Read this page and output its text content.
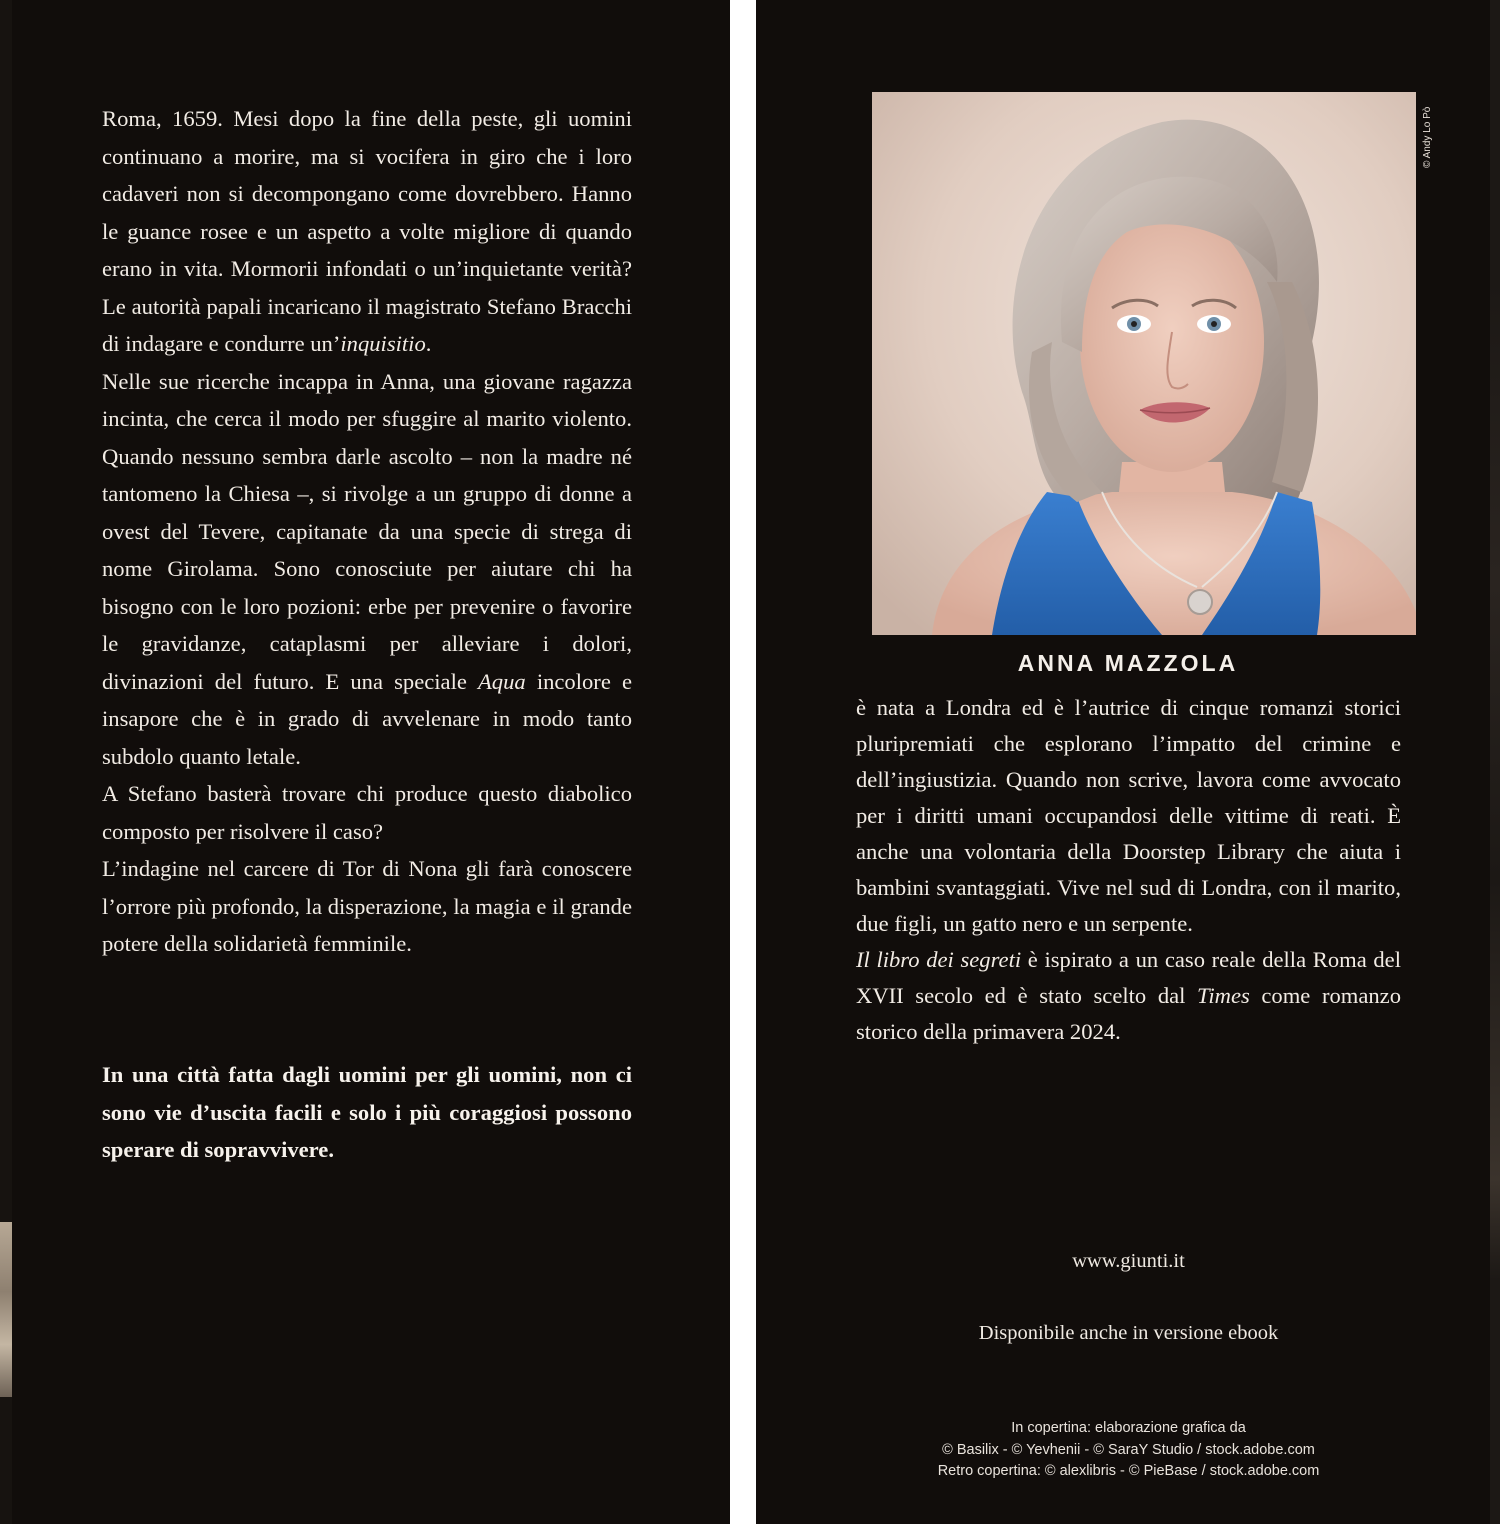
Roma, 1659. Mesi dopo la fine della peste, gli uomini continuano a morire, ma si vocifera in giro che i loro cadaveri non si decompongano come dovrebbero. Hanno le guance rosee e un aspetto a volte migliore di quando erano in vita. Mormorii infondati o un’inquietante verità? Le autorità papali incaricano il magistrato Stefano Bracchi di indagare e condurre un’inquisitio.

Nelle sue ricerche incappa in Anna, una giovane ragazza incinta, che cerca il modo per sfuggire al marito violento. Quando nessuno sembra darle ascolto – non la madre né tantomeno la Chiesa –, si rivolge a un gruppo di donne a ovest del Tevere, capitanate da una specie di strega di nome Girolama. Sono conosciute per aiutare chi ha bisogno con le loro pozioni: erbe per prevenire o favorire le gravidanze, cataplasmi per alleviare i dolori, divinazioni del futuro. E una speciale Aqua incolore e insapore che è in grado di avvelenare in modo tanto subdolo quanto letale.

A Stefano basterà trovare chi produce questo diabolico composto per risolvere il caso?

L’indagine nel carcere di Tor di Nona gli farà conoscere l’orrore più profondo, la disperazione, la magia e il grande potere della solidarietà femminile.

In una città fatta dagli uomini per gli uomini, non ci sono vie d’uscita facili e solo i più coraggiosi possono sperare di sopravvivere.

© Andy Lo Pò
ANNA MAZZOLA

è nata a Londra ed è l’autrice di cinque romanzi storici pluripremiati che esplorano l’impatto del crimine e dell’ingiustizia. Quando non scrive, lavora come avvocato per i diritti umani occupandosi delle vittime di reati. È anche una volontaria della Doorstep Library che aiuta i bambini svantaggiati. Vive nel sud di Londra, con il marito, due figli, un gatto nero e un serpente.

Il libro dei segreti è ispirato a un caso reale della Roma del XVII secolo ed è stato scelto dal Times come romanzo storico della primavera 2024.

www.giunti.it
Disponibile anche in versione ebook
In copertina: elaborazione grafica da
© Basilix - © Yevhenii - © SaraY Studio / stock.adobe.com
Retro copertina: © alexlibris - © PieBase / stock.adobe.com
